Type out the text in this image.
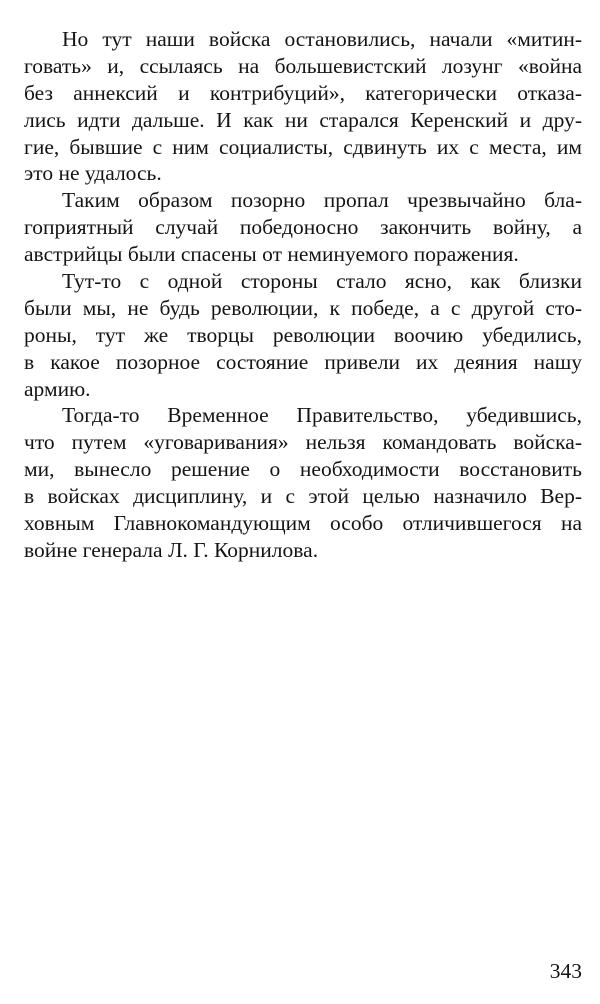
Но тут наши войска остановились, начали «митин-
говать» и, ссылаясь на большевистский лозунг «война
без аннексий и контрибуций», категорически отказа-
лись идти дальше. И как ни старался Керенский и дру-
гие, бывшие с ним социалисты, сдвинуть их с места, им
это не удалось.
Таким образом позорно пропал чрезвычайно бла-
гоприятный случай победоносно закончить войну, а
австрийцы были спасены от неминуемого поражения.
Тут-то с одной стороны стало ясно, как близки
были мы, не будь революции, к победе, а с другой сто-
роны, тут же творцы революции воочию убедились,
в какое позорное состояние привели их деяния нашу
армию.
Тогда-то Временное Правительство, убедившись,
что путем «уговаривания» нельзя командовать войска-
ми, вынесло решение о необходимости восстановить
в войсках дисциплину, и с этой целью назначило Вер-
ховным Главнокомандующим особо отличившегося на
войне генерала Л. Г. Корнилова.
343
